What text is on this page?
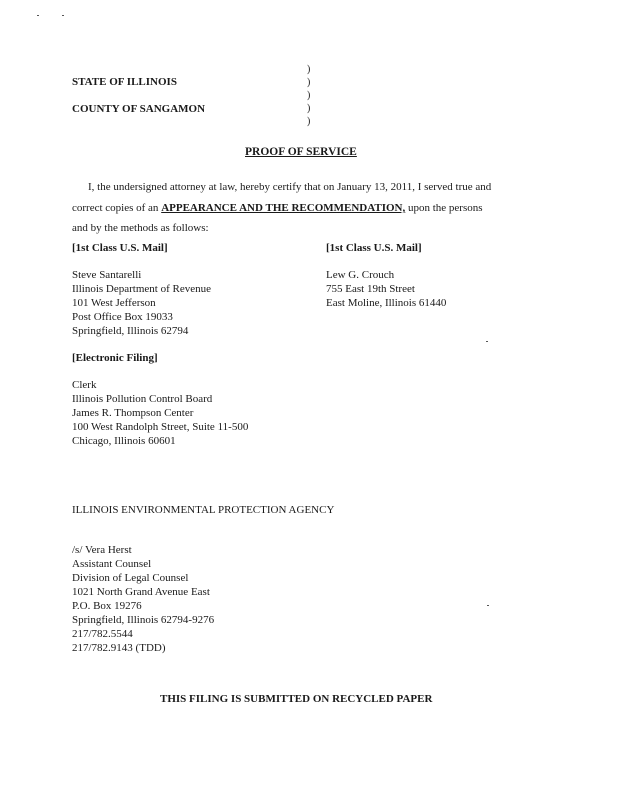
STATE OF ILLINOIS
COUNTY OF SANGAMON
)
)
)
)
)
PROOF OF SERVICE
I, the undersigned attorney at law, hereby certify that on January 13, 2011, I served true and
correct copies of an APPEARANCE AND THE RECOMMENDATION, upon the persons
and by the methods as follows:
[1st Class U.S. Mail]
Steve Santarelli
Illinois Department of Revenue
101 West Jefferson
Post Office Box 19033
Springfield, Illinois 62794
[1st Class U.S. Mail]
Lew G. Crouch
755 East 19th Street
East Moline, Illinois 61440
[Electronic Filing]
Clerk
Illinois Pollution Control Board
James R. Thompson Center
100 West Randolph Street, Suite 11-500
Chicago, Illinois 60601
ILLINOIS ENVIRONMENTAL PROTECTION AGENCY
/s/ Vera Herst
Assistant Counsel
Division of Legal Counsel
1021 North Grand Avenue East
P.O. Box 19276
Springfield, Illinois 62794-9276
217/782.5544
217/782.9143 (TDD)
THIS FILING IS SUBMITTED ON RECYCLED PAPER
